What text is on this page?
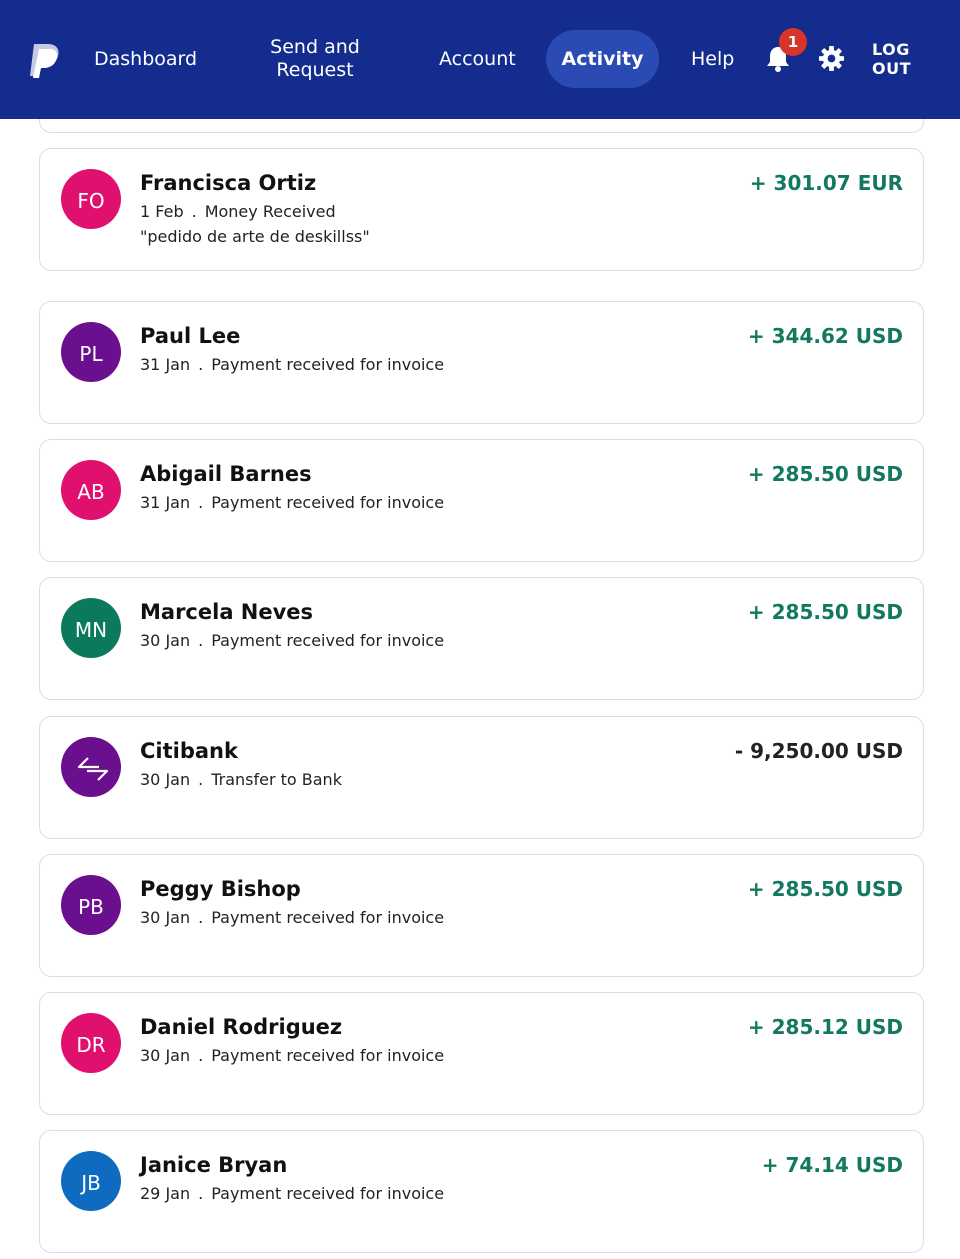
Dashboard
Send and Request	Account	Activity	Help
1	LOG OUT
FO
Francisca Ortiz
1 Feb . Money Received
"pedido de arte de deskillss"
+ 301.07 EUR
PL
Paul Lee
31 Jan . Payment received for invoice
+ 344.62 USD
AB
Abigail Barnes
31 Jan . Payment received for invoice
+ 285.50 USD
MN
Marcela Neves
30 Jan . Payment received for invoice
+ 285.50 USD
Citibank
30 Jan . Transfer to Bank
- 9,250.00 USD
PB
Peggy Bishop
30 Jan . Payment received for invoice
+ 285.50 USD
DR
Daniel Rodriguez
30 Jan . Payment received for invoice
+ 285.12 USD
JB
Janice Bryan
29 Jan . Payment received for invoice
+ 74.14 USD
